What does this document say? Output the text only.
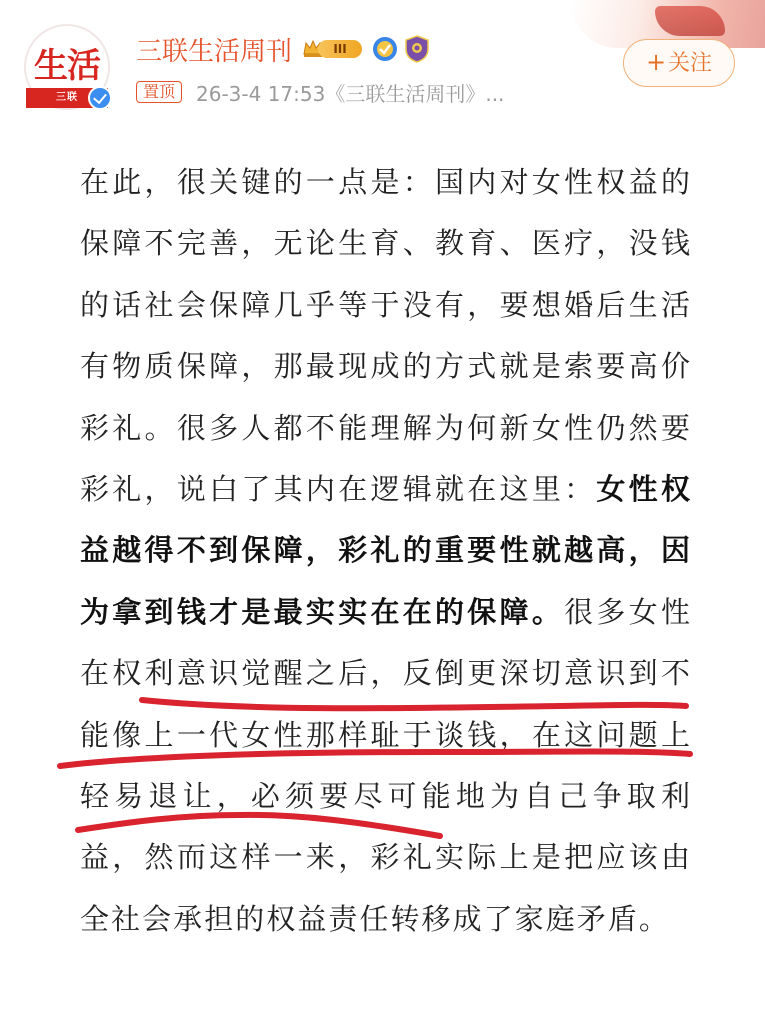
生活
三联LIFEWEEK
三联生活周刊	III
置顶	26-3-4 17:53《三联生活周刊》...
+关注

在此，很关键的一点是：国内对女性权益的保障不完善，无论生育、教育、医疗，没钱的话社会保障几乎等于没有，要想婚后生活有物质保障，那最现成的方式就是索要高价彩礼。很多人都不能理解为何新女性仍然要彩礼，说白了其内在逻辑就在这里：女性权益越得不到保障，彩礼的重要性就越高，因为拿到钱才是最实实在在的保障。很多女性在权利意识觉醒之后，反倒更深切意识到不能像上一代女性那样耻于谈钱，在这问题上轻易退让，必须要尽可能地为自己争取利益，然而这样一来，彩礼实际上是把应该由全社会承担的权益责任转移成了家庭矛盾。
